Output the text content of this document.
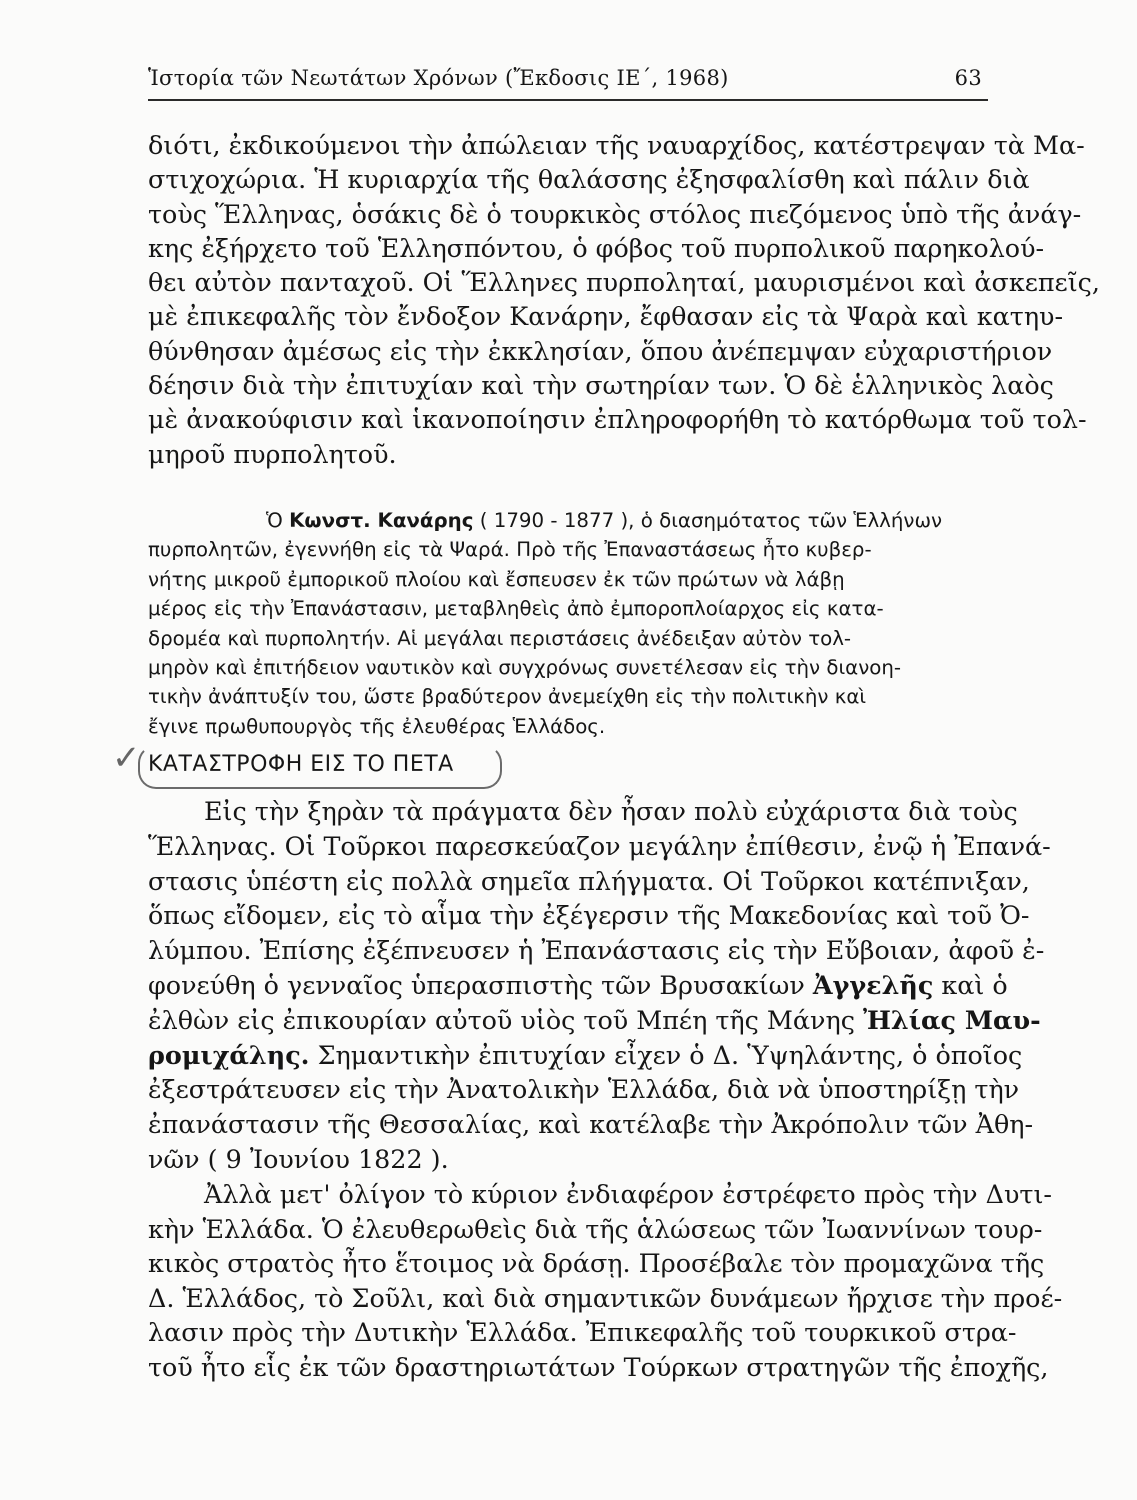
Ἱστορία τῶν Νεωτάτων Χρόνων (Ἔκδοσις ΙΕ΄, 1968)	63
διότι, ἐκδικούμενοι τὴν ἀπώλειαν τῆς ναυαρχίδος, κατέστρεψαν τὰ Μα-
στιχοχώρια. Ἡ κυριαρχία τῆς θαλάσσης ἐξησφαλίσθη καὶ πάλιν διὰ
τοὺς Ἕλληνας, ὁσάκις δὲ ὁ τουρκικὸς στόλος πιεζόμενος ὑπὸ τῆς ἀνάγ-
κης ἐξήρχετο τοῦ Ἑλλησπόντου, ὁ φόβος τοῦ πυρπολικοῦ παρηκολού-
θει αὐτὸν πανταχοῦ. Οἱ Ἕλληνες πυρποληταί, μαυρισμένοι καὶ ἀσκεπεῖς,
μὲ ἐπικεφαλῆς τὸν ἔνδοξον Κανάρην, ἔφθασαν εἰς τὰ Ψαρὰ καὶ κατηυ-
θύνθησαν ἀμέσως εἰς τὴν ἐκκλησίαν, ὅπου ἀνέπεμψαν εὐχαριστήριον
δέησιν διὰ τὴν ἐπιτυχίαν καὶ τὴν σωτηρίαν των. Ὁ δὲ ἑλληνικὸς λαὸς
μὲ ἀνακούφισιν καὶ ἱκανοποίησιν ἐπληροφορήθη τὸ κατόρθωμα τοῦ τολ-
μηροῦ πυρπολητοῦ.
Ὁ Κωνστ. Κανάρης ( 1790 - 1877 ), ὁ διασημότατος τῶν Ἑλλήνων
πυρπολητῶν, ἐγεννήθη εἰς τὰ Ψαρά. Πρὸ τῆς Ἐπαναστάσεως ἦτο κυβερ-
νήτης μικροῦ ἐμπορικοῦ πλοίου καὶ ἔσπευσεν ἐκ τῶν πρώτων νὰ λάβῃ
μέρος εἰς τὴν Ἐπανάστασιν, μεταβληθεὶς ἀπὸ ἐμποροπλοίαρχος εἰς κατα-
δρομέα καὶ πυρπολητήν. Αἱ μεγάλαι περιστάσεις ἀνέδειξαν αὐτὸν τολ-
μηρὸν καὶ ἐπιτήδειον ναυτικὸν καὶ συγχρόνως συνετέλεσαν εἰς τὴν διανοη-
τικὴν ἀνάπτυξίν του, ὥστε βραδύτερον ἀνεμείχθη εἰς τὴν πολιτικὴν καὶ
ἔγινε πρωθυπουργὸς τῆς ἐλευθέρας Ἑλλάδος.
✓ ΚΑΤΑΣΤΡΟΦΗ ΕΙΣ ΤΟ ΠΕΤΑ
Εἰς τὴν ξηρὰν τὰ πράγματα δὲν ἦσαν πολὺ εὐχάριστα διὰ τοὺς
Ἕλληνας. Οἱ Τοῦρκοι παρεσκεύαζον μεγάλην ἐπίθεσιν, ἐνῷ ἡ Ἐπανά-
στασις ὑπέστη εἰς πολλὰ σημεῖα πλήγματα. Οἱ Τοῦρκοι κατέπνιξαν,
ὅπως εἴδομεν, εἰς τὸ αἷμα τὴν ἐξέγερσιν τῆς Μακεδονίας καὶ τοῦ Ὀ-
λύμπου. Ἐπίσης ἐξέπνευσεν ἡ Ἐπανάστασις εἰς τὴν Εὔβοιαν, ἀφοῦ ἐ-
φονεύθη ὁ γενναῖος ὑπερασπιστὴς τῶν Βρυσακίων Ἀγγελῆς καὶ ὁ
ἐλθὼν εἰς ἐπικουρίαν αὐτοῦ υἱὸς τοῦ Μπέη τῆς Μάνης Ἠλίας Μαυ-
ρομιχάλης. Σημαντικὴν ἐπιτυχίαν εἶχεν ὁ Δ. Ὑψηλάντης, ὁ ὁποῖος
ἐξεστράτευσεν εἰς τὴν Ἀνατολικὴν Ἑλλάδα, διὰ νὰ ὑποστηρίξῃ τὴν
ἐπανάστασιν τῆς Θεσσαλίας, καὶ κατέλαβε τὴν Ἀκρόπολιν τῶν Ἀθη-
νῶν ( 9 Ἰουνίου 1822 ).
Ἀλλὰ μετ' ὀλίγον τὸ κύριον ἐνδιαφέρον ἐστρέφετο πρὸς τὴν Δυτι-
κὴν Ἑλλάδα. Ὁ ἐλευθερωθεὶς διὰ τῆς ἁλώσεως τῶν Ἰωαννίνων τουρ-
κικὸς στρατὸς ἦτο ἕτοιμος νὰ δράσῃ. Προσέβαλε τὸν προμαχῶνα τῆς
Δ. Ἑλλάδος, τὸ Σοῦλι, καὶ διὰ σημαντικῶν δυνάμεων ἤρχισε τὴν προέ-
λασιν πρὸς τὴν Δυτικὴν Ἑλλάδα. Ἐπικεφαλῆς τοῦ τουρκικοῦ στρα-
τοῦ ἦτο εἷς ἐκ τῶν δραστηριωτάτων Τούρκων στρατηγῶν τῆς ἐποχῆς,
